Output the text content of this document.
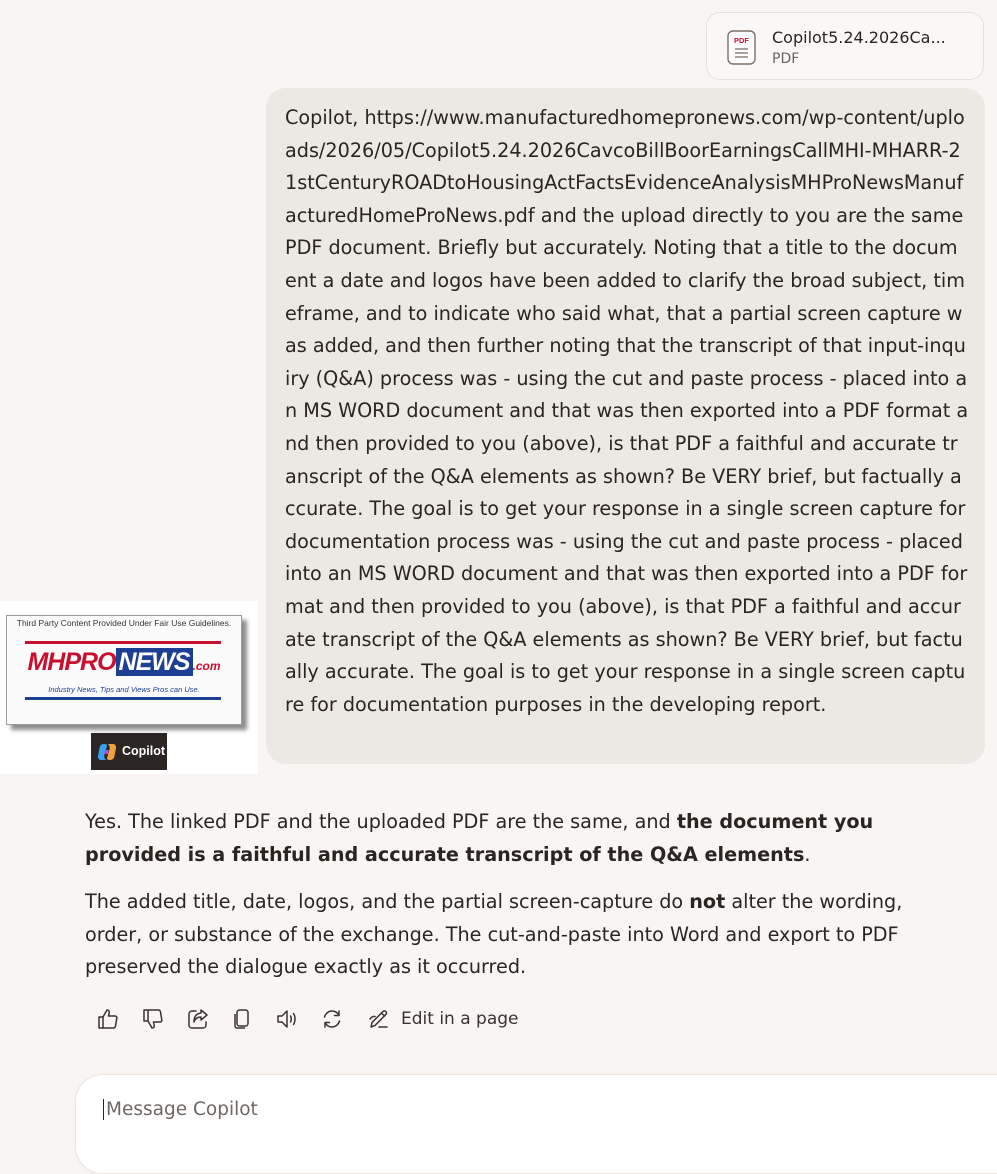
PDF Copilot5.24.2026Ca...
PDF

Copilot, https://www.manufacturedhomepronews.com/wp-content/uploads/2026/05/Copilot5.24.2026CavcoBillBoorEarningsCallMHI-MHARR-21stCenturyROADtoHousingActFactsEvidenceAnalysisMHProNewsManufacturedHomeProNews.pdf and the upload directly to you are the same PDF document. Briefly but accurately. Noting that a title to the document a date and logos have been added to clarify the broad subject, timeframe, and to indicate who said what, that a partial screen capture was added, and then further noting that the transcript of that input-inquiry (Q&A) process was - using the cut and paste process - placed into an MS WORD document and that was then exported into a PDF format and then provided to you (above), is that PDF a faithful and accurate transcript of the Q&A elements as shown? Be VERY brief, but factually accurate. The goal is to get your response in a single screen capture for documentation process was - using the cut and paste process - placed into an MS WORD document and that was then exported into a PDF format and then provided to you (above), is that PDF a faithful and accurate transcript of the Q&A elements as shown? Be VERY brief, but factually accurate. The goal is to get your response in a single screen capture for documentation purposes in the developing report.

Third Party Content Provided Under Fair Use Guidelines.
MHPRO NEWS .com
Industry News, Tips and Views Pros can Use.
Copilot

Yes. The linked PDF and the uploaded PDF are the same, and the document you provided is a faithful and accurate transcript of the Q&A elements.

The added title, date, logos, and the partial screen-capture do not alter the wording, order, or substance of the exchange. The cut-and-paste into Word and export to PDF preserved the dialogue exactly as it occurred.

Edit in a page
Message Copilot
